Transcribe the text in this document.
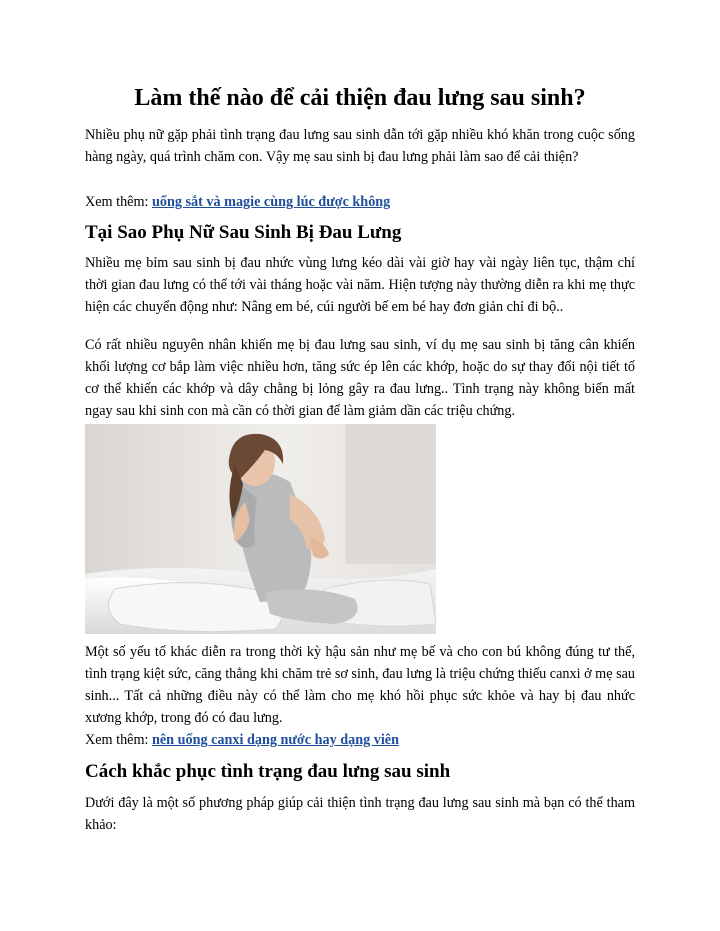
Làm thế nào để cải thiện đau lưng sau sinh?

Nhiều phụ nữ gặp phải tình trạng đau lưng sau sinh dẫn tới gặp nhiều khó khăn trong cuộc sống hàng ngày, quá trình chăm con. Vậy mẹ sau sinh bị đau lưng phải làm sao để cải thiện?

Xem thêm: uống sắt và magie cùng lúc được không

Tại Sao Phụ Nữ Sau Sinh Bị Đau Lưng

Nhiều mẹ bỉm sau sinh bị đau nhức vùng lưng kéo dài vài giờ hay vài ngày liên tục, thậm chí thời gian đau lưng có thể tới vài tháng hoặc vài năm. Hiện tượng này thường diễn ra khi mẹ thực hiện các chuyển động như: Nâng em bé, cúi người bế em bé hay đơn giản chỉ đi bộ..

Có rất nhiều nguyên nhân khiến mẹ bị đau lưng sau sinh, ví dụ mẹ sau sinh bị tăng cân khiến khối lượng cơ bắp làm việc nhiều hơn, tăng sức ép lên các khớp, hoặc do sự thay đổi nội tiết tố cơ thể khiến các khớp và dây chằng bị lỏng gây ra đau lưng.. Tình trạng này không biến mất ngay sau khi sinh con mà cần có thời gian để làm giảm dần các triệu chứng.

Một số yếu tố khác diễn ra trong thời kỳ hậu sản như mẹ bế và cho con bú không đúng tư thế, tình trạng kiệt sức, căng thẳng khi chăm trẻ sơ sinh, đau lưng là triệu chứng thiếu canxi ở mẹ sau sinh... Tất cả những điều này có thể làm cho mẹ khó hồi phục sức khỏe và hay bị đau nhức xương khớp, trong đó có đau lưng.

Xem thêm: nên uống canxi dạng nước hay dạng viên

Cách khắc phục tình trạng đau lưng sau sinh

Dưới đây là một số phương pháp giúp cải thiện tình trạng đau lưng sau sinh mà bạn có thể tham khảo:
